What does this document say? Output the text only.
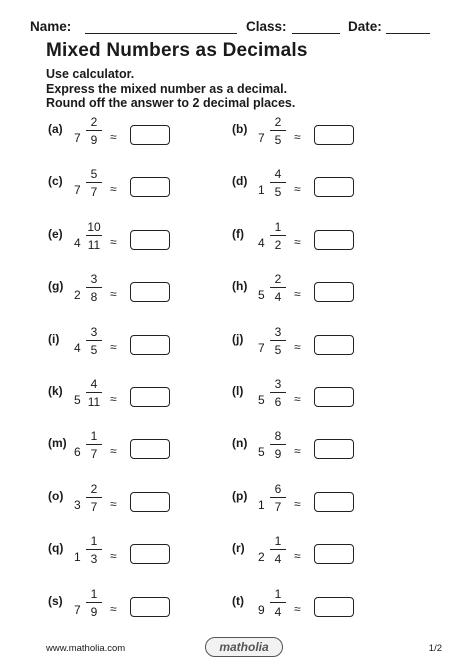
Name:	Class:	Date:
Mixed Numbers as Decimals
Use calculator.
Express the mixed number as a decimal.
Round off the answer to 2 decimal places.
(a)
7
2
9	≈
(b)
7
2
5	≈
(c)
7
5
7	≈
(d)
1
4
5	≈
(e)
4
10
11 ≈
(f)
4
1
2	≈
(g)
2
3
8	≈
(h)
5
2
4	≈
(i)
4
3
5	≈
(j)
7
3
5	≈
(k)
5
4
11 ≈
(l)
5
3
6	≈
(m)
6
1
7	≈
(n)
5
8
9	≈
(o)
3
2
7	≈
(p)
1
6
7	≈
(q)
1
1
3	≈
(r)
2
1
4	≈
(s)
7
1
9	≈
(t)
9
1
4	≈
www.matholia.com	matholia	1/2
